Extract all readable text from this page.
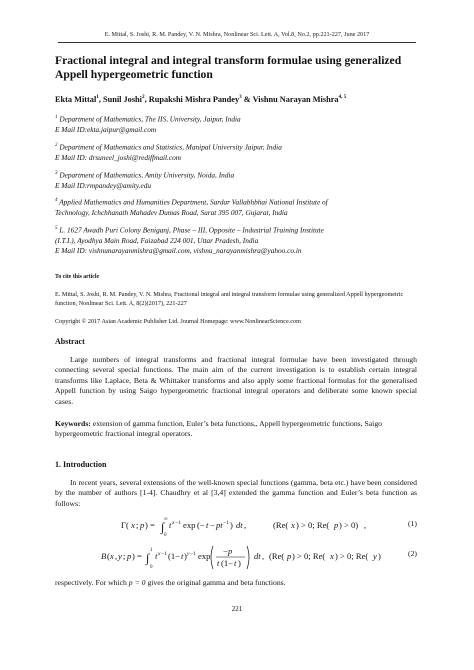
E. Mittal, S. Joshi, R. M. Pandey, V. N. Mishra, Nonlinear Sci. Lett. A, Vol.8, No.2, pp.221-227, June 2017
Fractional integral and integral transform formulae using generalized
Appell hypergeometric function
Ekta Mittal$^1$, Sunil Joshi$^2$, Rupakshi Mishra Pandey$^3$ & Vishnu Narayan Mishra$^{4, 5}$
$^1$ Department of Mathematics, The IIS, University, Jaipur, India
E Mail ID:ekta.jaipur@gmail.com
$^2$ Department of Mathematics and Statistics, Manipal University Jaipur, India
E Mail ID: drsuneel_joshi@rediffmail.com
$^3$ Department of Mathematics, Amity University, Noida, India
E Mail ID:rmpandey@amity.edu
$^4$ Applied Mathematics and Humanities Department, Sardar Vallabhbhai National Institute of
Technology, Ichchhanath Mahadev Dumas Road, Surat 395 007, Gujarat, India
$^5$ L. 1627 Awadh Puri Colony Beniganj, Phase – III, Opposite – Industrial Training Institute
(I.T.I.), Ayodhya Main Road, Faizabad 224 001, Uttar Pradesh, India
E Mail ID: vishnunarayanmishra@gmail.com, vishnu_narayanmishra@yahoo.co.in
To cite this article
E. Mittal, S. Joshi, R. M. Pandey, V. N. Mishra, Fractional integral and integral transform formulae using generalized Appell hypergeometric function, Nonlinear Sci. Lett. A, 8(2)(2017), 221-227
Copyright © 2017 Asian Academic Publisher Ltd. Journal Homepage: www.NonlinearScience.com
Abstract
Large numbers of integral transforms and fractional integral formulae have been investigated through connecting several special functions. The main aim of the current investigation is to establish certain integral transforms like Laplace, Beta & Whittaker transforms and also apply some fractional formulas for the generalised Appell function by using Saigo hypergeometric fractional integral operators and deliberate some known special cases.
Keywords: extension of gamma function, Euler’s beta functions,, Appell hypergeometric functions, Saigo hypergeometric fractional integral operators.
1. Introduction
In recent years, several extensions of the well-known special functions (gamma, beta etc.) have been considered by the number of authors [1-4]. Chaudhry et al [3,4] extended the gamma function and Euler’s beta function as follows:
Γ( x ; p ) = ∫
∞
0
t x −1 exp (− t − pt −1 ) dt ,	(Re( x ) > 0; Re( p ) > 0) ,	(1)
B ( x , y ; p ) = ∫
1
0
t x −1 (1− t ) y −1 exp − p
t (1− t )
dt , (Re( p ) > 0; Re( x ) > 0; Re( y )	(2)
respectively. For which p = 0 gives the original gamma and beta functions.
221
